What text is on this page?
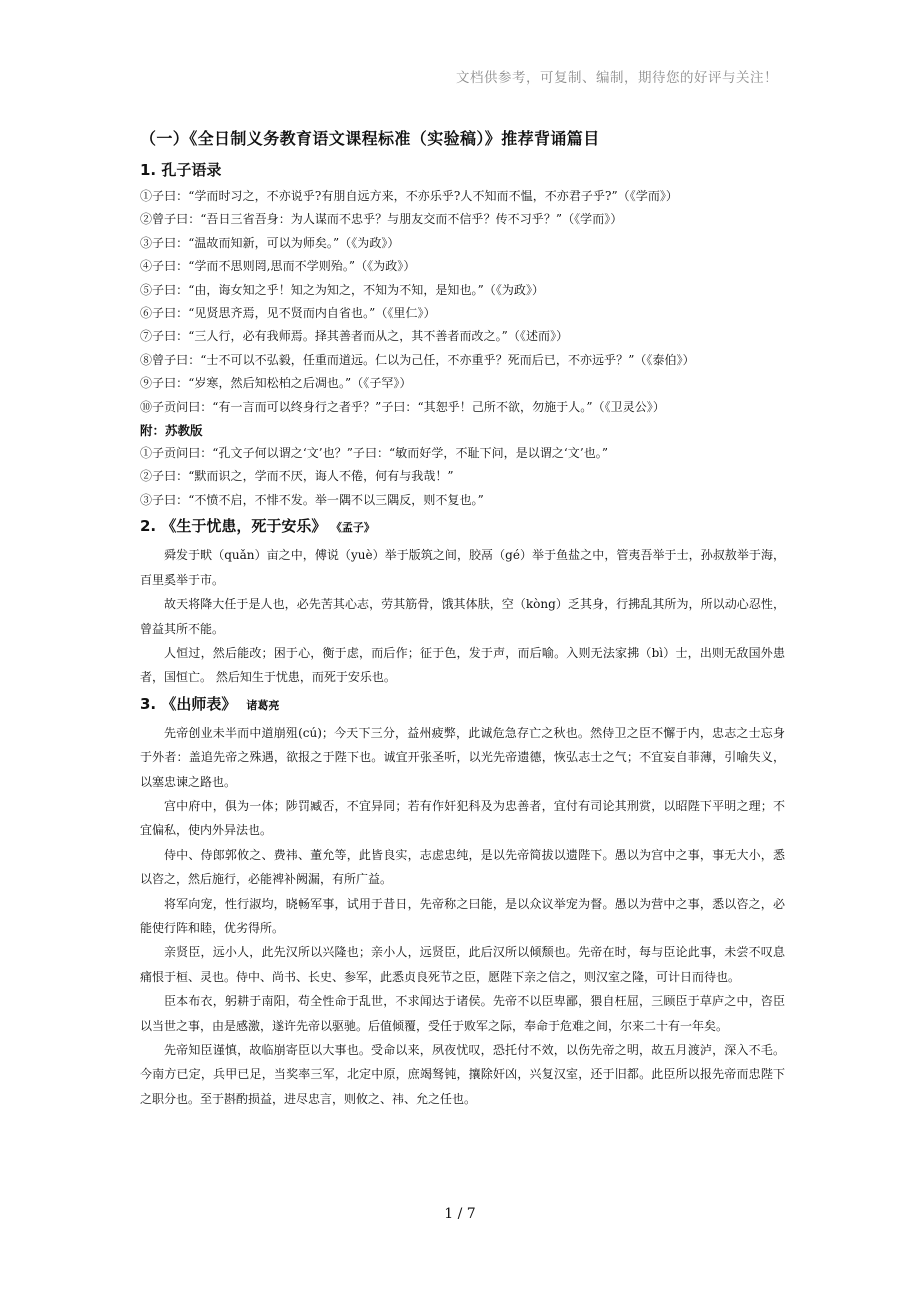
文档供参考，可复制、编制，期待您的好评与关注！
（一）《全日制义务教育语文课程标准（实验稿）》推荐背诵篇目
1. 孔子语录
①子曰：“学而时习之，不亦说乎?有朋自远方来，不亦乐乎?人不知而不愠，不亦君子乎?”（《学而》）
②曾子曰：“吾日三省吾身：为人谋而不忠乎？与朋友交而不信乎？传不习乎？”（《学而》）
③子曰：“温故而知新，可以为师矣。”（《为政》）
④子曰：“学而不思则罔,思而不学则殆。”（《为政》）
⑤子曰：“由，诲女知之乎！知之为知之，不知为不知，是知也。”（《为政》）
⑥子曰：“见贤思齐焉，见不贤而内自省也。”（《里仁》）
⑦子曰：“三人行，必有我师焉。择其善者而从之，其不善者而改之。”（《述而》）
⑧曾子曰：“士不可以不弘毅，任重而道远。仁以为己任，不亦重乎？死而后已，不亦远乎？”（《泰伯》）
⑨子曰：“岁寒，然后知松柏之后凋也。”（《子罕》）
⑩子贡问曰：“有一言而可以终身行之者乎？”子曰：“其恕乎！己所不欲，勿施于人。”（《卫灵公》）
附：苏教版
①子贡问曰：“孔文子何以谓之‘文’也？”子曰：“敏而好学，不耻下问，是以谓之‘文’也。”
②子曰：“默而识之，学而不厌，诲人不倦，何有与我哉！”
③子曰：“不愤不启，不悱不发。举一隅不以三隅反，则不复也。”
2. 《生于忧患，死于安乐》 《孟子》

舜发于畎（quǎn）亩之中，傅说（yuè）举于版筑之间，胶鬲（gé）举于鱼盐之中，管夷吾举于士，孙叔敖举于海，百里奚举于市。

故天将降大任于是人也，必先苦其心志，劳其筋骨，饿其体肤，空（kòng）乏其身，行拂乱其所为，所以动心忍性，曾益其所不能。

人恒过，然后能改；困于心，衡于虑，而后作；征于色，发于声，而后喻。入则无法家拂（bì）士，出则无敌国外患者，国恒亡。 然后知生于忧患，而死于安乐也。

3. 《出师表》 诸葛亮

先帝创业未半而中道崩殂(cú)；今天下三分，益州疲弊，此诚危急存亡之秋也。然侍卫之臣不懈于内，忠志之士忘身于外者：盖追先帝之殊遇，欲报之于陛下也。诚宜开张圣听，以光先帝遗德，恢弘志士之气；不宜妄自菲薄，引喻失义，以塞忠谏之路也。

宫中府中，俱为一体；陟罚臧否，不宜异同；若有作奸犯科及为忠善者，宜付有司论其刑赏，以昭陛下平明之理；不宜偏私，使内外异法也。

侍中、侍郎郭攸之、费祎、董允等，此皆良实，志虑忠纯，是以先帝简拔以遗陛下。愚以为宫中之事，事无大小，悉以咨之，然后施行，必能裨补阙漏，有所广益。

将军向宠，性行淑均，晓畅军事，试用于昔日，先帝称之曰能，是以众议举宠为督。愚以为营中之事，悉以咨之，必能使行阵和睦，优劣得所。

亲贤臣，远小人，此先汉所以兴隆也；亲小人，远贤臣，此后汉所以倾颓也。先帝在时，每与臣论此事，未尝不叹息痛恨于桓、灵也。侍中、尚书、长史、参军，此悉贞良死节之臣，愿陛下亲之信之，则汉室之隆，可计日而待也。

臣本布衣，躬耕于南阳，苟全性命于乱世，不求闻达于诸侯。先帝不以臣卑鄙，猥自枉屈，三顾臣于草庐之中，咨臣以当世之事，由是感激，遂许先帝以驱驰。后值倾覆，受任于败军之际，奉命于危难之间，尔来二十有一年矣。

先帝知臣谨慎，故临崩寄臣以大事也。受命以来，夙夜忧叹，恐托付不效，以伤先帝之明，故五月渡泸，深入不毛。今南方已定，兵甲已足，当奖率三军，北定中原，庶竭驽钝，攘除奸凶，兴复汉室，还于旧都。此臣所以报先帝而忠陛下之职分也。至于斟酌损益，进尽忠言，则攸之、祎、允之任也。

1 / 7
